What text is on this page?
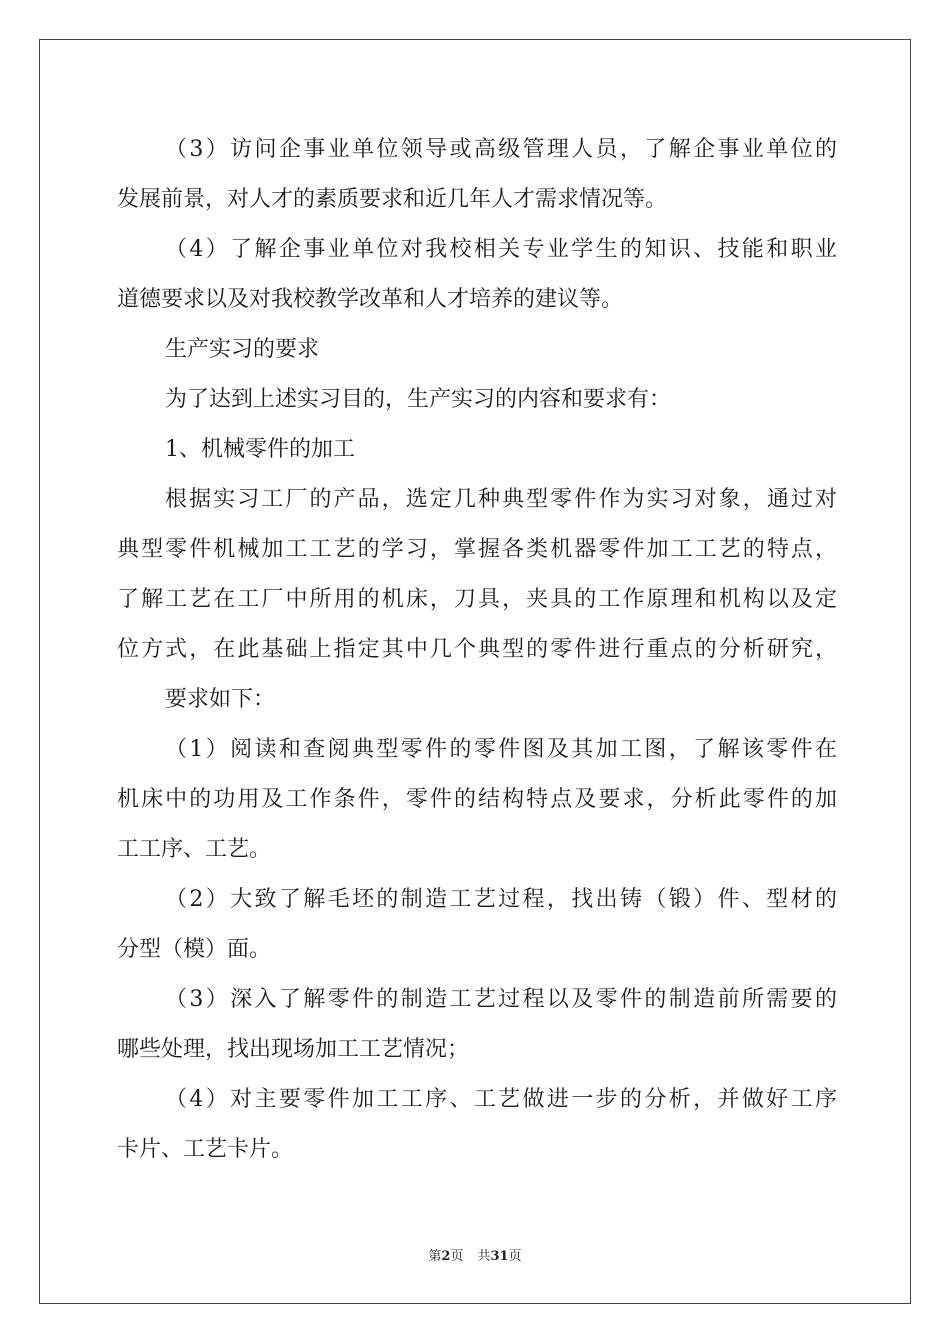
（3）访问企事业单位领导或高级管理人员，了解企事业单位的
发展前景，对人才的素质要求和近几年人才需求情况等。
（4）了解企事业单位对我校相关专业学生的知识、技能和职业
道德要求以及对我校教学改革和人才培养的建议等。
生产实习的要求
为了达到上述实习目的，生产实习的内容和要求有：
1、机械零件的加工
根据实习工厂的产品，选定几种典型零件作为实习对象，通过对
典型零件机械加工工艺的学习，掌握各类机器零件加工工艺的特点，
了解工艺在工厂中所用的机床，刀具，夹具的工作原理和机构以及定
位方式，在此基础上指定其中几个典型的零件进行重点的分析研究，
要求如下：
（1）阅读和查阅典型零件的零件图及其加工图，了解该零件在
机床中的功用及工作条件，零件的结构特点及要求，分析此零件的加
工工序、工艺。
（2）大致了解毛坯的制造工艺过程，找出铸（锻）件、型材的
分型（模）面。
（3）深入了解零件的制造工艺过程以及零件的制造前所需要的
哪些处理，找出现场加工工艺情况；
（4）对主要零件加工工序、工艺做进一步的分析，并做好工序
卡片、工艺卡片。
第2页 共31页
